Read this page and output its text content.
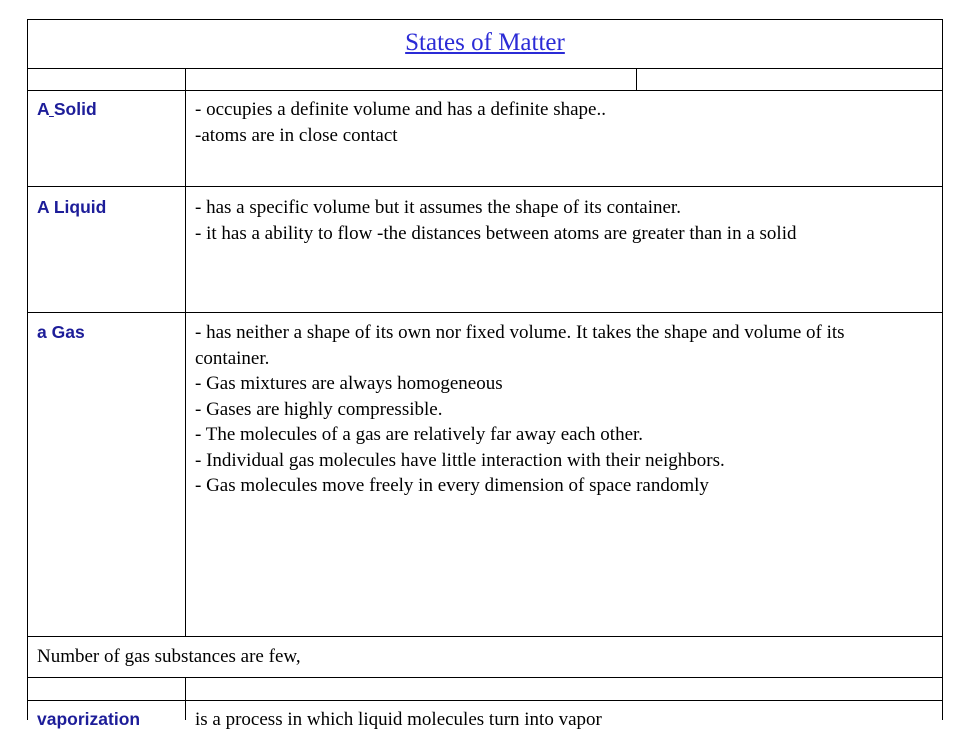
States of Matter
A Solid	- occupies a definite volume and has a definite shape..

-atoms are in close contact

A Liquid	- has a specific volume but it assumes the shape of its container.

- it has a ability to flow -the distances between atoms are greater than in a solid

a Gas	- has neither a shape of its own nor fixed volume. It takes the shape and volume of its container.

- Gas mixtures are always homogeneous

- Gases are highly compressible.

- The molecules of a gas are relatively far away each other.

- Individual gas molecules have little interaction with their neighbors.

- Gas molecules move freely in every dimension of space randomly

Number of gas substances are few,
vaporization	is a process in which liquid molecules turn into vapor
